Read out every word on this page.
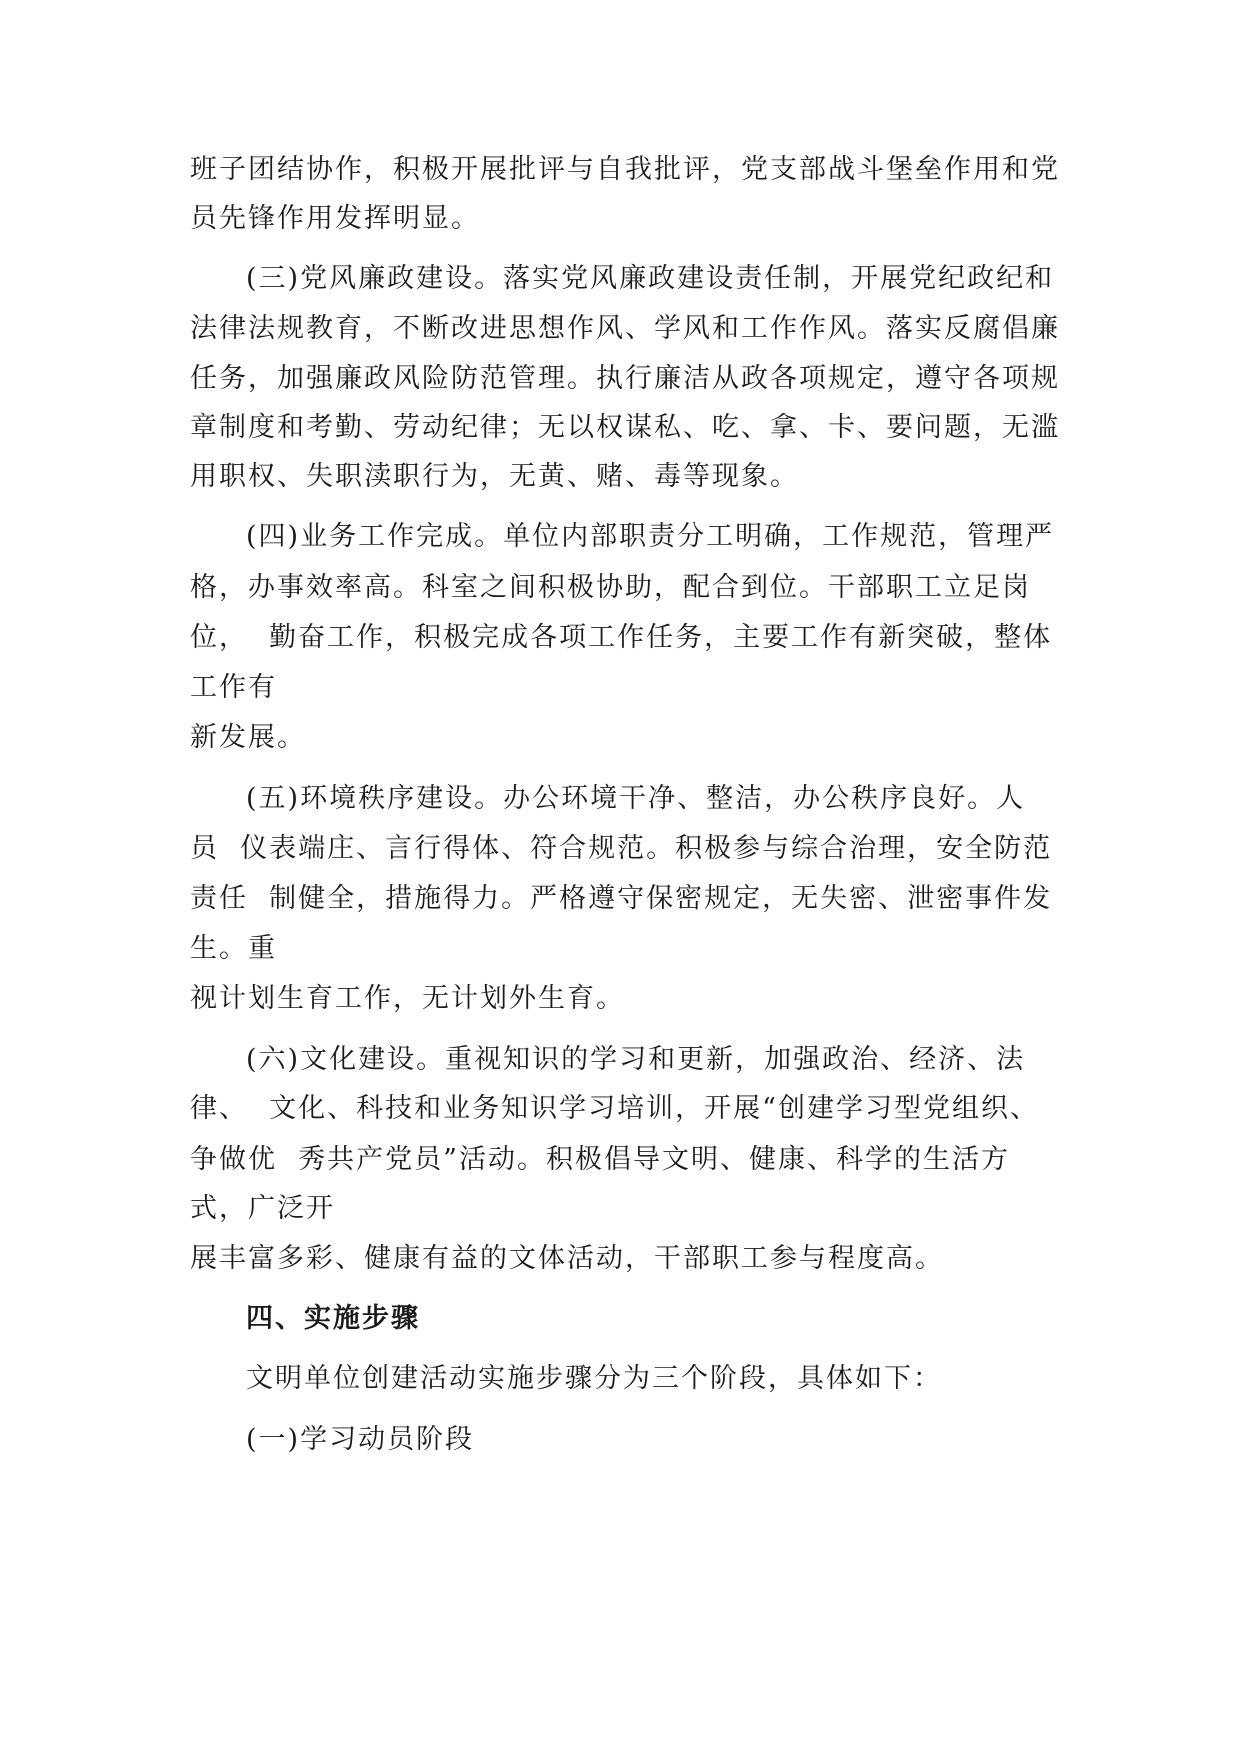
班子团结协作，积极开展批评与自我批评，党支部战斗堡垒作用和党

员先锋作用发挥明显。

(三)党风廉政建设。落实党风廉政建设责任制，开展党纪政纪和

法律法规教育，不断改进思想作风、学风和工作作风。落实反腐倡廉

任务，加强廉政风险防范管理。执行廉洁从政各项规定，遵守各项规

章制度和考勤、劳动纪律；无以权谋私、吃、拿、卡、要问题，无滥

用职权、失职渎职行为，无黄、赌、毒等现象。

(四)业务工作完成。单位内部职责分工明确，工作规范，管理严

格，办事效率高。科室之间积极协助，配合到位。干部职工立足岗

位，  勤奋工作，积极完成各项工作任务，主要工作有新突破，整体

工作有

新发展。

(五)环境秩序建设。办公环境干净、整洁，办公秩序良好。人

员  仪表端庄、言行得体、符合规范。积极参与综合治理，安全防范

责任  制健全，措施得力。严格遵守保密规定，无失密、泄密事件发

生。重

视计划生育工作，无计划外生育。

(六)文化建设。重视知识的学习和更新，加强政治、经济、法

律、  文化、科技和业务知识学习培训，开展“创建学习型党组织、

争做优  秀共产党员”活动。积极倡导文明、健康、科学的生活方

式，广泛开

展丰富多彩、健康有益的文体活动，干部职工参与程度高。

四、实施步骤

文明单位创建活动实施步骤分为三个阶段，具体如下：

(一)学习动员阶段
